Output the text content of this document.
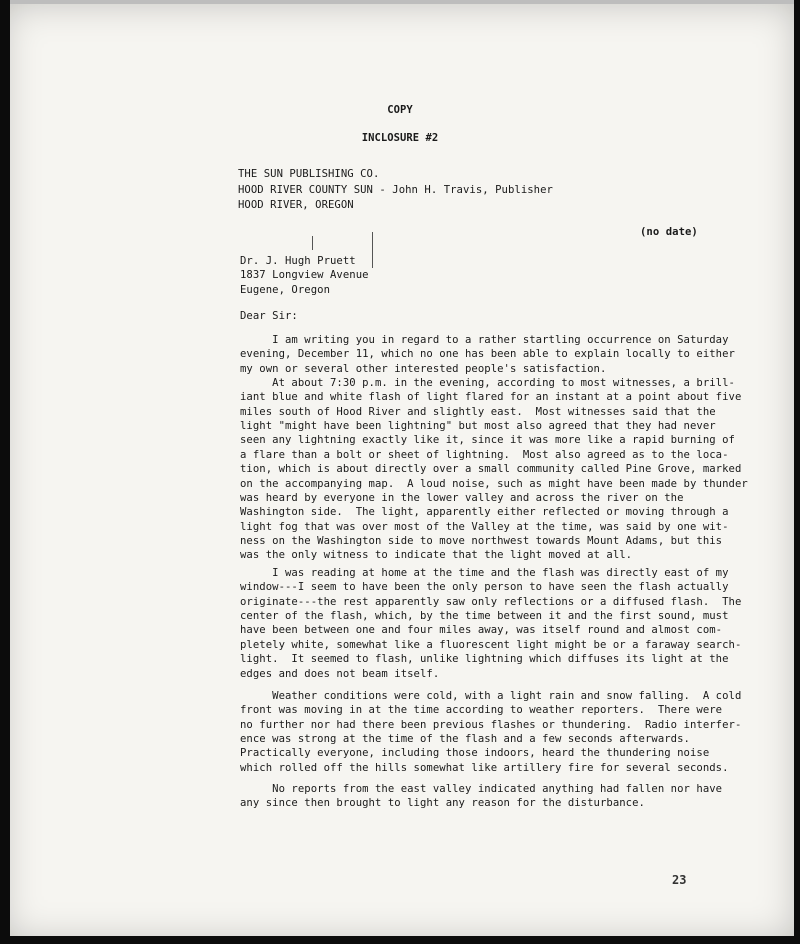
COPY
INCLOSURE #2
THE SUN PUBLISHING CO.
HOOD RIVER COUNTY SUN - John H. Travis, Publisher
HOOD RIVER, OREGON
(no date)
Dr. J. Hugh Pruett
1837 Longview Avenue
Eugene, Oregon
Dear Sir:
I am writing you in regard to a rather startling occurrence on Saturday
evening, December 11, which no one has been able to explain locally to either
my own or several other interested people's satisfaction.
At about 7:30 p.m. in the evening, according to most witnesses, a brill-
iant blue and white flash of light flared for an instant at a point about five
miles south of Hood River and slightly east.  Most witnesses said that the
light "might have been lightning" but most also agreed that they had never
seen any lightning exactly like it, since it was more like a rapid burning of
a flare than a bolt or sheet of lightning.  Most also agreed as to the loca-
tion, which is about directly over a small community called Pine Grove, marked
on the accompanying map.  A loud noise, such as might have been made by thunder
was heard by everyone in the lower valley and across the river on the
Washington side.  The light, apparently either reflected or moving through a
light fog that was over most of the Valley at the time, was said by one wit-
ness on the Washington side to move northwest towards Mount Adams, but this
was the only witness to indicate that the light moved at all.
I was reading at home at the time and the flash was directly east of my
window---I seem to have been the only person to have seen the flash actually
originate---the rest apparently saw only reflections or a diffused flash.  The
center of the flash, which, by the time between it and the first sound, must
have been between one and four miles away, was itself round and almost com-
pletely white, somewhat like a fluorescent light might be or a faraway search-
light.  It seemed to flash, unlike lightning which diffuses its light at the
edges and does not beam itself.
Weather conditions were cold, with a light rain and snow falling.  A cold
front was moving in at the time according to weather reporters.  There were
no further nor had there been previous flashes or thundering.  Radio interfer-
ence was strong at the time of the flash and a few seconds afterwards.
Practically everyone, including those indoors, heard the thundering noise
which rolled off the hills somewhat like artillery fire for several seconds.
No reports from the east valley indicated anything had fallen nor have
any since then brought to light any reason for the disturbance.
23
